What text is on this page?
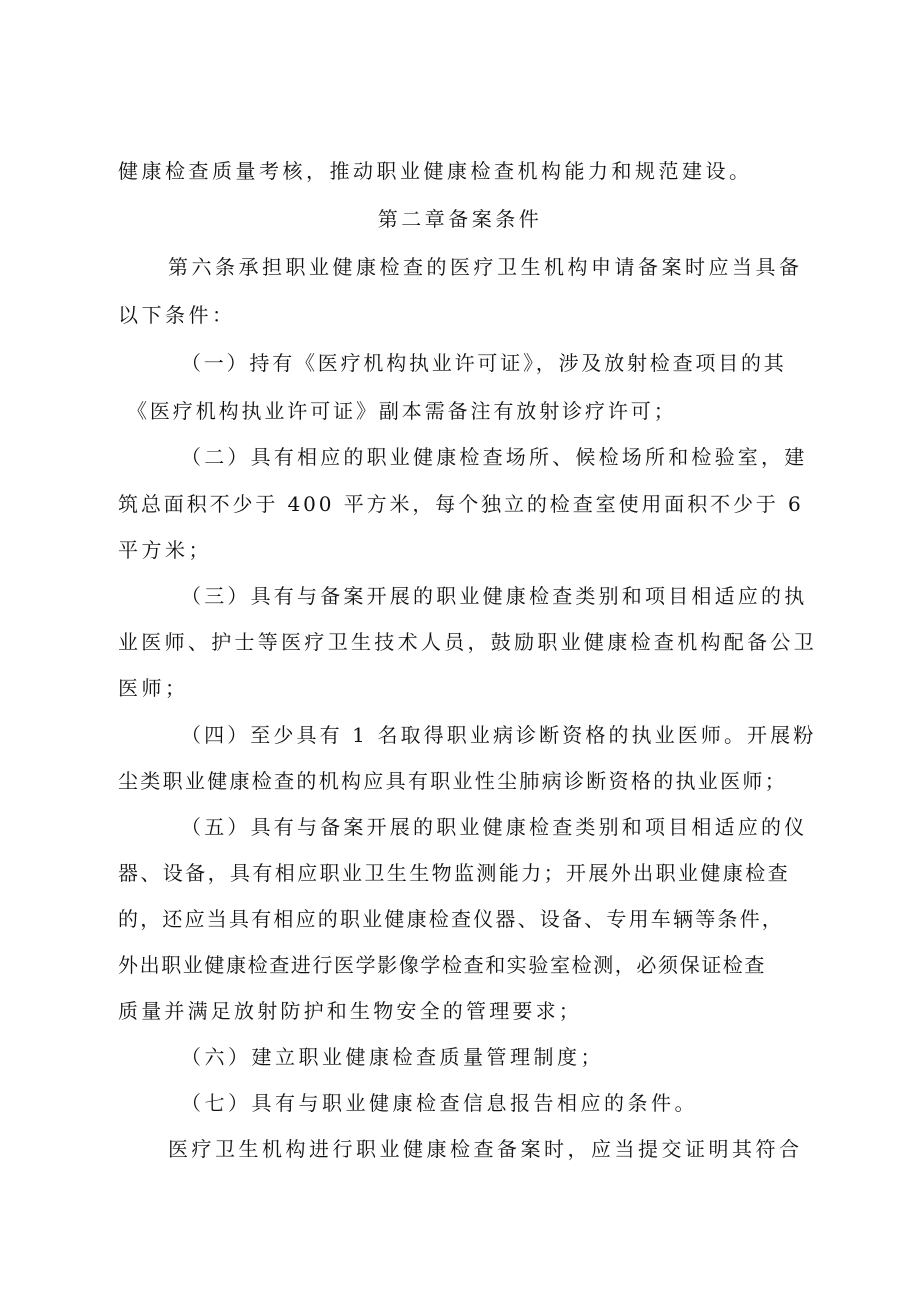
健康检查质量考核，推动职业健康检查机构能力和规范建设。
第二章备案条件
第六条承担职业健康检查的医疗卫生机构申请备案时应当具备
以下条件：
（一）持有《医疗机构执业许可证》，涉及放射检查项目的其
《医疗机构执业许可证》副本需备注有放射诊疗许可；
（二）具有相应的职业健康检查场所、候检场所和检验室，建
筑总面积不少于 400 平方米，每个独立的检查室使用面积不少于 6
平方米；
（三）具有与备案开展的职业健康检查类别和项目相适应的执
业医师、护士等医疗卫生技术人员，鼓励职业健康检查机构配备公卫
医师；
（四）至少具有 1 名取得职业病诊断资格的执业医师。开展粉
尘类职业健康检查的机构应具有职业性尘肺病诊断资格的执业医师；
（五）具有与备案开展的职业健康检查类别和项目相适应的仪
器、设备，具有相应职业卫生生物监测能力；开展外出职业健康检查
的，还应当具有相应的职业健康检查仪器、设备、专用车辆等条件，
外出职业健康检查进行医学影像学检查和实验室检测，必须保证检查
质量并满足放射防护和生物安全的管理要求；
（六）建立职业健康检查质量管理制度；
（七）具有与职业健康检查信息报告相应的条件。
医疗卫生机构进行职业健康检查备案时，应当提交证明其符合
